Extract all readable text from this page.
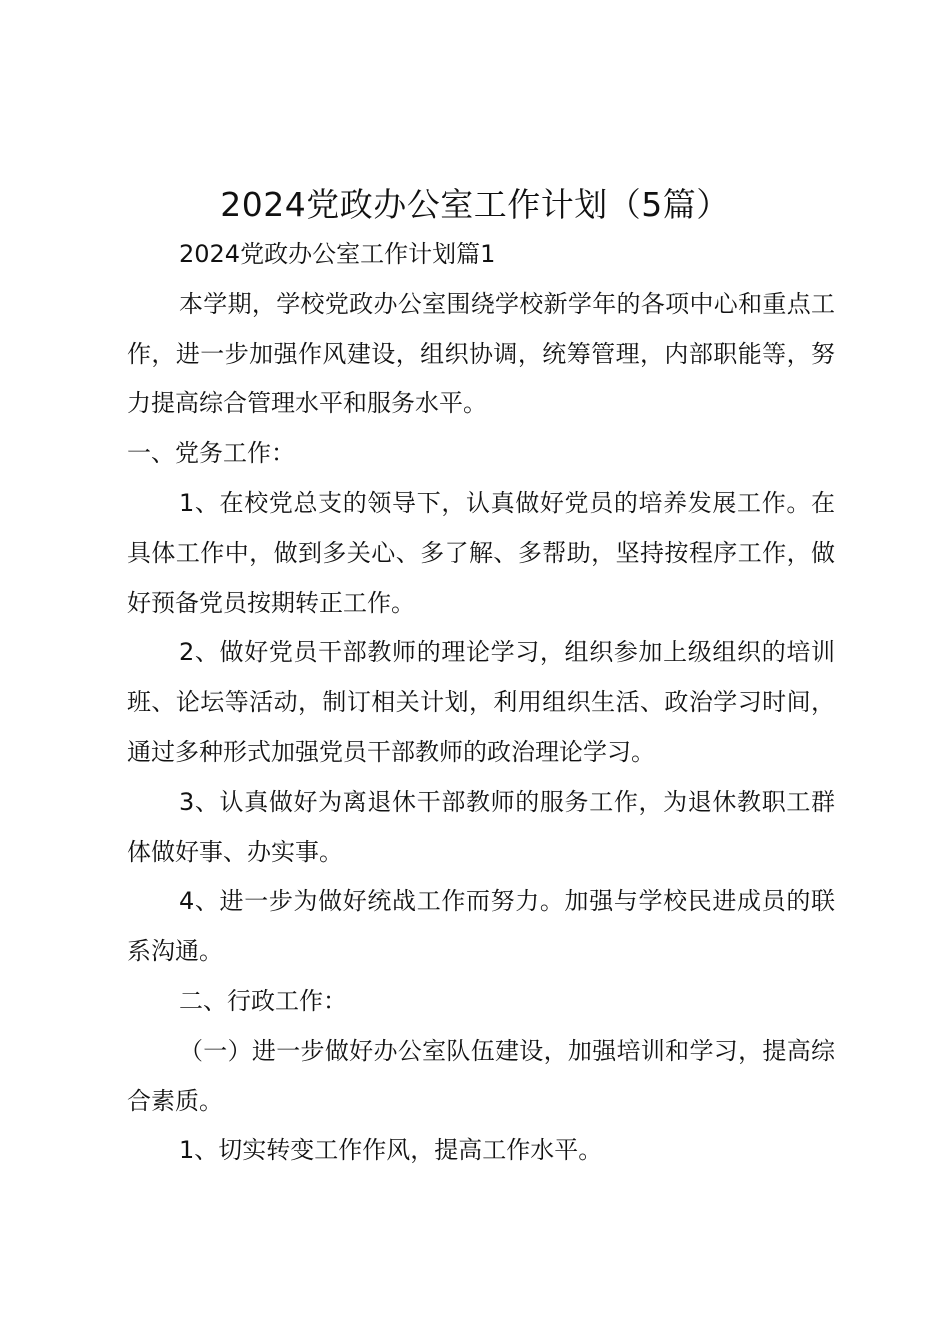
2024党政办公室工作计划（5篇）

2024党政办公室工作计划篇1

本学期，学校党政办公室围绕学校新学年的各项中心和重点工作，进一步加强作风建设，组织协调，统筹管理，内部职能等，努力提高综合管理水平和服务水平。

一、党务工作：

1、在校党总支的领导下，认真做好党员的培养发展工作。在具体工作中，做到多关心、多了解、多帮助，坚持按程序工作，做好预备党员按期转正工作。

2、做好党员干部教师的理论学习，组织参加上级组织的培训班、论坛等活动，制订相关计划，利用组织生活、政治学习时间，通过多种形式加强党员干部教师的政治理论学习。

3、认真做好为离退休干部教师的服务工作，为退休教职工群体做好事、办实事。

4、进一步为做好统战工作而努力。加强与学校民进成员的联系沟通。

二、行政工作：

（一）进一步做好办公室队伍建设，加强培训和学习，提高综合素质。

1、切实转变工作作风，提高工作水平。
